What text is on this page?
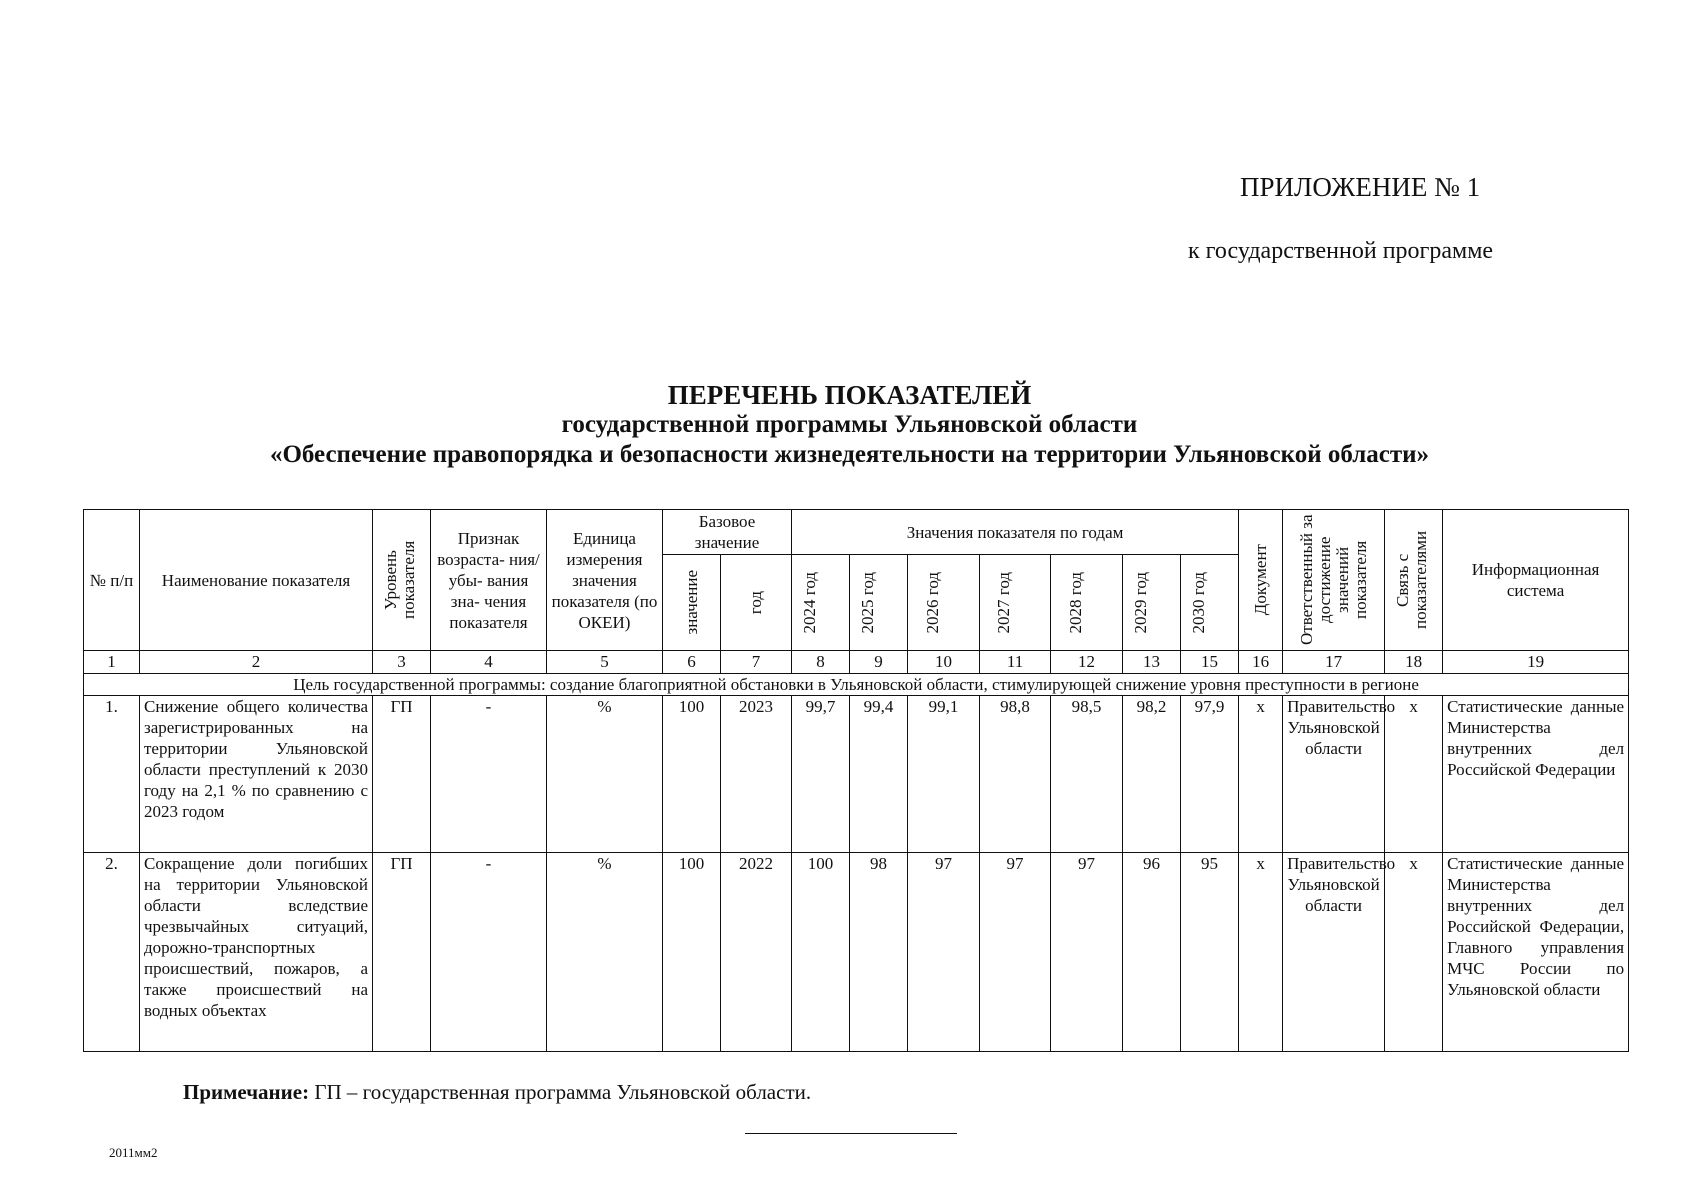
ПРИЛОЖЕНИЕ № 1
к государственной программе
ПЕРЕЧЕНЬ ПОКАЗАТЕЛЕЙ
государственной программы Ульяновской области
«Обеспечение правопорядка и безопасности жизнедеятельности на территории Ульяновской области»
№ п/п	Наименование показателя	Уровень показателя	Признак возраста- ния/ убы- вания зна- чения показателя	Единица измерения значения показателя (по ОКЕИ)	Базовое значение		Значения показателя по годам							Документ	Ответственный за достижение значений показателя	Связь с показателями	Информационная система

					значение	год	2024 год	2025 год	2026 год	2027 год	2028 год	2029 год	2030 год				

1	2	3	4	5	6	7	8	9	10	11	12	13	15	16	17	18	19
Цель государственной программы: создание благоприятной обстановки в Ульяновской области, стимулирующей снижение уровня преступности в регионе																	
1.	Снижение общего количества зарегистрированных на территории Ульяновской области преступлений к 2030 году на 2,1 % по сравнению с 2023 годом	ГП	-	%	100	2023	99,7	99,4	99,1	98,8	98,5	98,2	97,9	х	Правительство Ульяновской области	х	Статистические данные Министерства внутренних дел Российской Федерации
2.	Сокращение доли погибших на территории Ульяновской области вследствие чрезвычайных ситуаций, дорожно-транспортных происшествий, пожаров, а также происшествий на водных объектах	ГП	-	%	100	2022	100	98	97	97	97	96	95	х	Правительство Ульяновской области	х	Статистические данные Министерства внутренних дел Российской Федерации, Главного управления МЧС России по Ульяновской области
Примечание: ГП – государственная программа Ульяновской области.
2011мм2
